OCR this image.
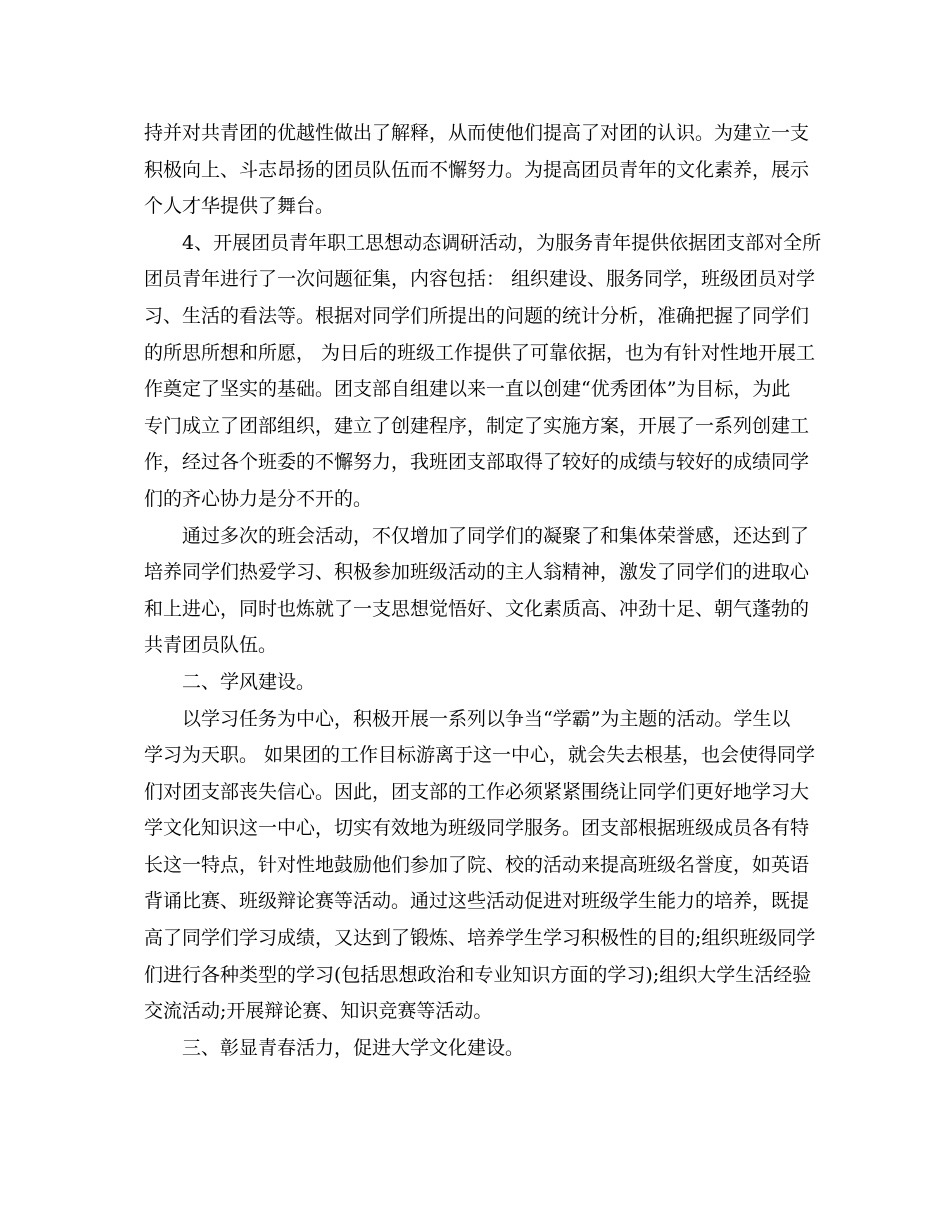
持并对共青团的优越性做出了解释，从而使他们提高了对团的认识。为建立一支
积极向上、斗志昂扬的团员队伍而不懈努力。为提高团员青年的文化素养，展示
个人才华提供了舞台。
4、开展团员青年职工思想动态调研活动，为服务青年提供依据团支部对全所
团员青年进行了一次问题征集，内容包括： 组织建设、服务同学，班级团员对学
习、生活的看法等。根据对同学们所提出的问题的统计分析，准确把握了同学们
的所思所想和所愿， 为日后的班级工作提供了可靠依据，也为有针对性地开展工
作奠定了坚实的基础。团支部自组建以来一直以创建“优秀团体”为目标，为此
专门成立了团部组织，建立了创建程序，制定了实施方案，开展了一系列创建工
作，经过各个班委的不懈努力，我班团支部取得了较好的成绩与较好的成绩同学
们的齐心协力是分不开的。
通过多次的班会活动，不仅增加了同学们的凝聚了和集体荣誉感，还达到了
培养同学们热爱学习、积极参加班级活动的主人翁精神，激发了同学们的进取心
和上进心，同时也炼就了一支思想觉悟好、文化素质高、冲劲十足、朝气蓬勃的
共青团员队伍。
二、学风建设。
以学习任务为中心，积极开展一系列以争当“学霸”为主题的活动。学生以
学习为天职。 如果团的工作目标游离于这一中心，就会失去根基，也会使得同学
们对团支部丧失信心。因此，团支部的工作必须紧紧围绕让同学们更好地学习大
学文化知识这一中心，切实有效地为班级同学服务。团支部根据班级成员各有特
长这一特点，针对性地鼓励他们参加了院、校的活动来提高班级名誉度，如英语
背诵比赛、班级辩论赛等活动。通过这些活动促进对班级学生能力的培养，既提
高了同学们学习成绩，又达到了锻炼、培养学生学习积极性的目的;组织班级同学
们进行各种类型的学习(包括思想政治和专业知识方面的学习);组织大学生活经验
交流活动;开展辩论赛、知识竞赛等活动。
三、彰显青春活力，促进大学文化建设。
